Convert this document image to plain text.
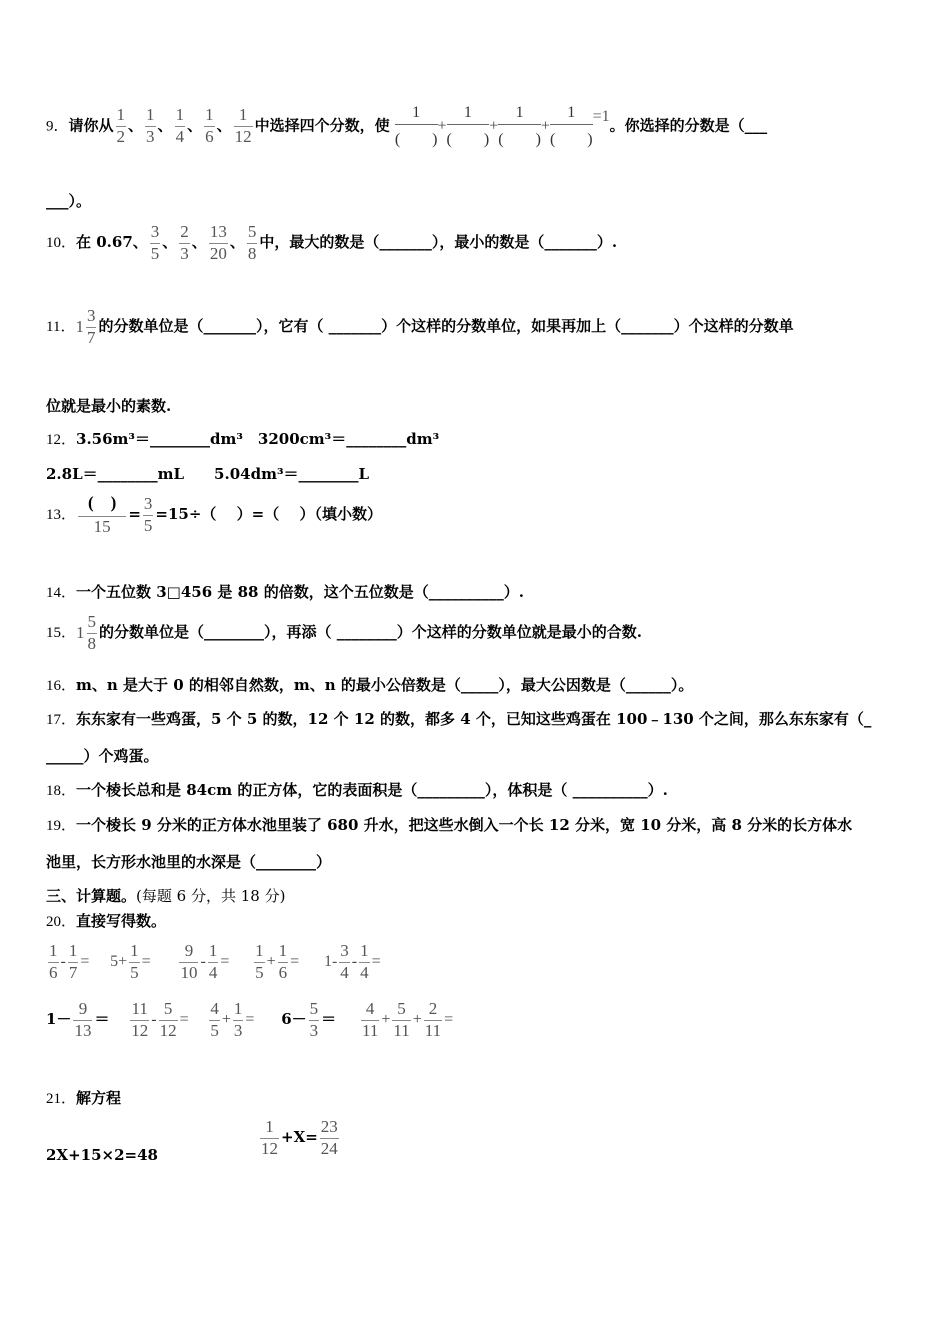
9．请你从 $\frac{1}{2}$ 、 $\frac{1}{3}$ 、 $\frac{1}{4}$ 、 $\frac{1}{6}$ 、 $\frac{1}{12}$ 中选择四个分数，使
1
(　　)
+
1
(　　)
+
1
(　　)
+
1
(　　)
=1。你选择的分数是（___
___）。
10．在 0.67、 $\frac{3}{5}$ 、 $\frac{2}{3}$ 、 $\frac{13}{20}$ 、 $\frac{5}{8}$ 中，最大的数是（_______），最小的数是（_______）.
11．$1 \frac{3}{7}$ 的分数单位是（_______），它有（ _______）个这样的分数单位，如果再加上（_______）个这样的分数单
位就是最小的素数.
12．3.56m³＝________dm³　3200cm³＝________dm³
2.8L＝________mL　　5.04dm³＝________L
13． $\frac{( )}{15} = \frac{3}{5} =15\div$（　 ）=（　 ）（填小数）
14．一个五位数 3□456 是 88 的倍数，这个五位数是（__________）.
15．$1 \frac{5}{8}$ 的分数单位是（________），再添（ ________）个这样的分数单位就是最小的合数.
16．m、n 是大于 0 的相邻自然数，m、n 的最小公倍数是（_____），最大公因数是（______）。
17．东东家有一些鸡蛋，5 个 5 的数，12 个 12 的数，都多 4 个，已知这些鸡蛋在 100﹣130 个之间，那么东东家有（_
_____）个鸡蛋。
18．一个棱长总和是 84cm 的正方体，它的表面积是（_________），体积是（ __________）.
19．一个棱长 9 分米的正方体水池里装了 680 升水，把这些水倒入一个长 12 分米，宽 10 分米，高 8 分米的长方体水
池里，长方形水池里的水深是（________）
三、计算题。(每题 6 分，共 18 分)
20．直接写得数。
$\frac{1}{6} - \frac{1}{7} = 5+ \frac{1}{5} = \frac{9}{10} - \frac{1}{4} = \frac{1}{5} + \frac{1}{6} = 1- \frac{3}{4} - \frac{1}{4}$ =
$1- \frac{9}{13} = \frac{11}{12} - \frac{5}{12} = \frac{4}{5} + \frac{1}{3} = 6- \frac{5}{3} = \frac{4}{11} + \frac{5}{11} + \frac{2}{11}$ =
21．解方程
2X+15×2=48	$\frac{1}{12} +X= \frac{23}{24}$
